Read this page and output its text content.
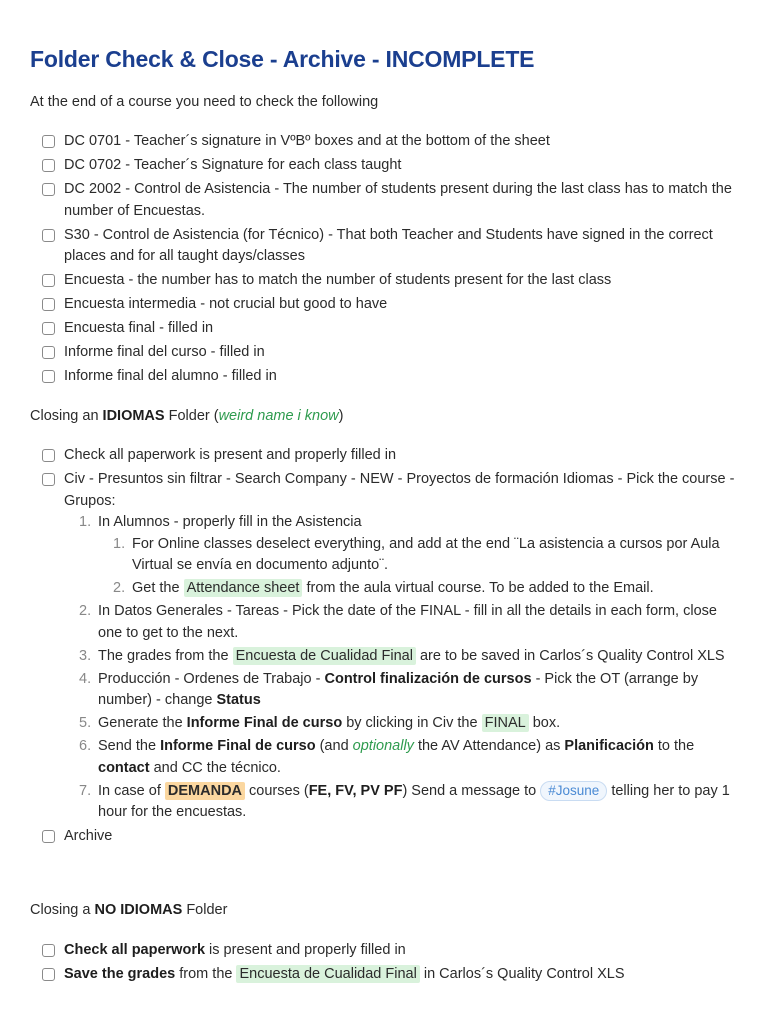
Folder Check & Close - Archive - INCOMPLETE
At the end of a course you need to check the following
DC 0701 - Teacher´s signature in VºBº boxes and at the bottom of the sheet
DC 0702 - Teacher´s Signature for each class taught
DC 2002 - Control de Asistencia - The number of students present during the last class has to match the number of Encuestas.
S30 - Control de Asistencia (for Técnico) - That both Teacher and Students have signed in the correct places and for all taught days/classes
Encuesta - the number has to match the number of students present for the last class
Encuesta intermedia - not crucial but good to have
Encuesta final - filled in
Informe final del curso - filled in
Informe final del alumno - filled in
Closing an IDIOMAS Folder (weird name i know)
Check all paperwork is present and properly filled in
Civ - Presuntos sin filtrar - Search Company - NEW - Proyectos de formación Idiomas - Pick the course - Grupos:
1. In Alumnos - properly fill in the Asistencia
1. For Online classes deselect everything, and add at the end ¨La asistencia a cursos por Aula Virtual se envía en documento adjunto¨.
2. Get the Attendance sheet from the aula virtual course. To be added to the Email.
2. In Datos Generales - Tareas - Pick the date of the FINAL - fill in all the details in each form, close one to get to the next.
3. The grades from the Encuesta de Cualidad Final are to be saved in Carlos´s Quality Control XLS
4. Producción - Ordenes de Trabajo - Control finalización de cursos - Pick the OT (arrange by number) - change Status
5. Generate the Informe Final de curso by clicking in Civ the FINAL box.
6. Send the Informe Final de curso (and optionally the AV Attendance) as Planificación to the contact and CC the técnico.
7. In case of DEMANDA courses (FE, FV, PV PF) Send a message to #Josune telling her to pay 1 hour for the encuestas.
Archive
Closing a NO IDIOMAS Folder
Check all paperwork is present and properly filled in
Save the grades from the Encuesta de Cualidad Final in Carlos´s Quality Control XLS
